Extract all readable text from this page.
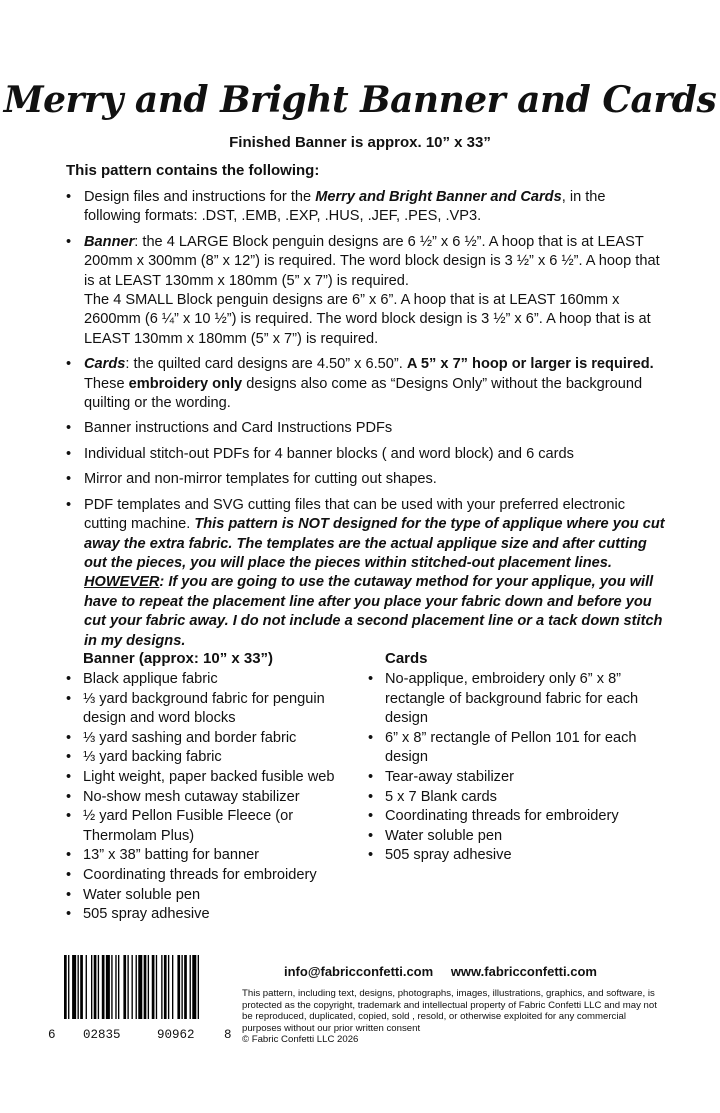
Merry and Bright Banner and Cards

Finished Banner is approx. 10” x 33”

This pattern contains the following:

• Design files and instructions for the Merry and Bright Banner and Cards, in the following formats: .DST, .EMB, .EXP, .HUS, .JEF, .PES, .VP3.
• Banner: the 4 LARGE Block penguin designs are 6 ½” x 6 ½”. A hoop that is at LEAST 200mm x 300mm (8” x 12”) is required. The word block design is 3 ½” x 6 ½”. A hoop that is at LEAST 130mm x 180mm (5” x 7”) is required.
The 4 SMALL Block penguin designs are 6” x 6”. A hoop that is at LEAST 160mm x 2600mm (6 ¼” x 10 ½”) is required. The word block design is 3 ½” x 6”. A hoop that is at LEAST 130mm x 180mm (5” x 7”) is required.
• Cards: the quilted card designs are 4.50” x 6.50”. A 5” x 7” hoop or larger is required. These embroidery only designs also come as “Designs Only” without the background quilting or the wording.
• Banner instructions and Card Instructions PDFs
• Individual stitch-out PDFs for 4 banner blocks ( and word block) and 6 cards
• Mirror and non-mirror templates for cutting out shapes.
• PDF templates and SVG cutting files that can be used with your preferred electronic cutting machine. This pattern is NOT designed for the type of applique where you cut away the extra fabric. The templates are the actual applique size and after cutting out the pieces, you will place the pieces within stitched-out placement lines. HOWEVER: If you are going to use the cutaway method for your applique, you will have to repeat the placement line after you place your fabric down and before you cut your fabric away. I do not include a second placement line or a tack down stitch in my designs.
Banner (approx: 10” x 33”)
• Black applique fabric
• ⅓ yard background fabric for penguin design and word blocks
• ⅓ yard sashing and border fabric
• ⅓ yard backing fabric
• Light weight, paper backed fusible web
• No-show mesh cutaway stabilizer
• ½ yard Pellon Fusible Fleece (or Thermolam Plus)
• 13” x 38” batting for banner
• Coordinating threads for embroidery
• Water soluble pen
• 505 spray adhesive
Cards
• No-applique, embroidery only 6” x 8” rectangle of background fabric for each design
• 6” x 8” rectangle of Pellon 101 for each design
• Tear-away stabilizer
• 5 x 7 Blank cards
• Coordinating threads for embroidery
• Water soluble pen
• 505 spray adhesive
6 02835	90962 8

info@fabricconfetti.com www.fabricconfetti.com

This pattern, including text, designs, photographs, images, illustrations, graphics, and software, is protected as the copyright, trademark and intellectual property of Fabric Confetti LLC and may not be reproduced, duplicated, copied, sold , resold, or otherwise exploited for any commercial purposes without our prior written consent
© Fabric Confetti LLC 2026
